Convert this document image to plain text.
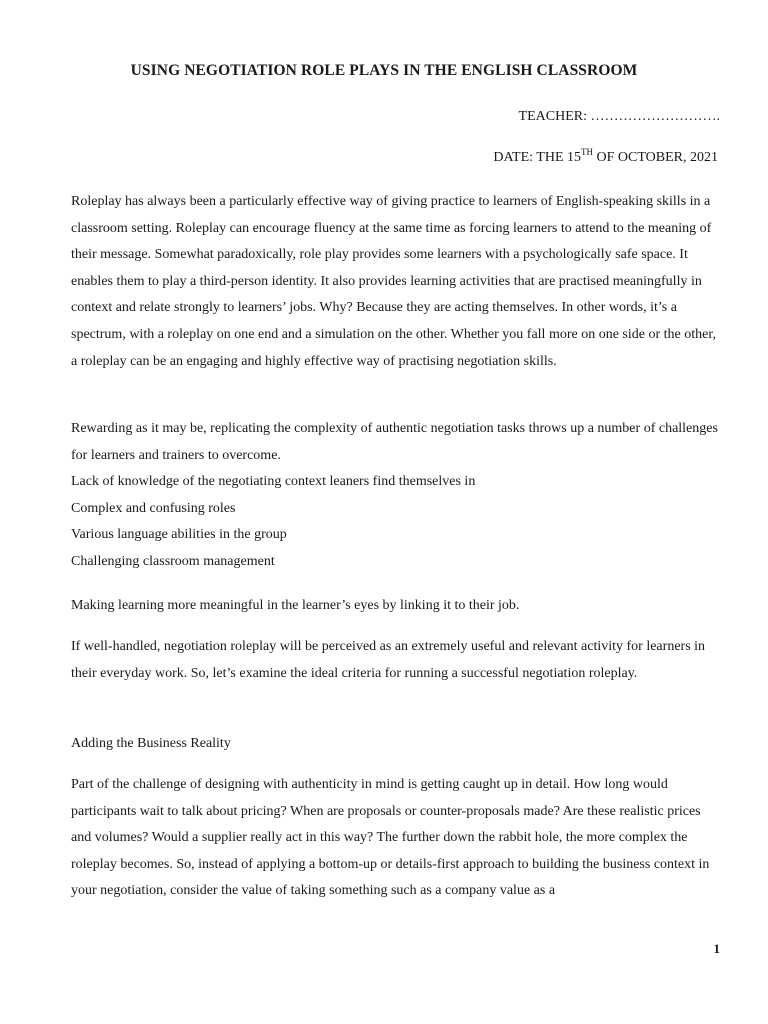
USING NEGOTIATION ROLE PLAYS IN THE ENGLISH CLASSROOM
TEACHER: ……………………….
DATE: THE 15TH OF OCTOBER, 2021

Roleplay has always been a particularly effective way of giving practice to learners of English-speaking skills in a classroom setting. Roleplay can encourage fluency at the same time as forcing learners to attend to the meaning of their message. Somewhat paradoxically, role play provides some learners with a psychologically safe space. It enables them to play a third-person identity. It also provides learning activities that are practised meaningfully in context and relate strongly to learners’ jobs. Why? Because they are acting themselves. In other words, it’s a spectrum, with a roleplay on one end and a simulation on the other. Whether you fall more on one side or the other, a roleplay can be an engaging and highly effective way of practising negotiation skills.

Rewarding as it may be, replicating the complexity of authentic negotiation tasks throws up a number of challenges for learners and trainers to overcome.

Lack of knowledge of the negotiating context leaners find themselves in

Complex and confusing roles

Various language abilities in the group

Challenging classroom management

Making learning more meaningful in the learner’s eyes by linking it to their job.

If well-handled, negotiation roleplay will be perceived as an extremely useful and relevant activity for learners in their everyday work. So, let’s examine the ideal criteria for running a successful negotiation roleplay.

Adding the Business Reality

Part of the challenge of designing with authenticity in mind is getting caught up in detail. How long would participants wait to talk about pricing? When are proposals or counter-proposals made? Are these realistic prices and volumes? Would a supplier really act in this way? The further down the rabbit hole, the more complex the roleplay becomes. So, instead of applying a bottom-up or details-first approach to building the business context in your negotiation, consider the value of taking something such as a company value as a

1
